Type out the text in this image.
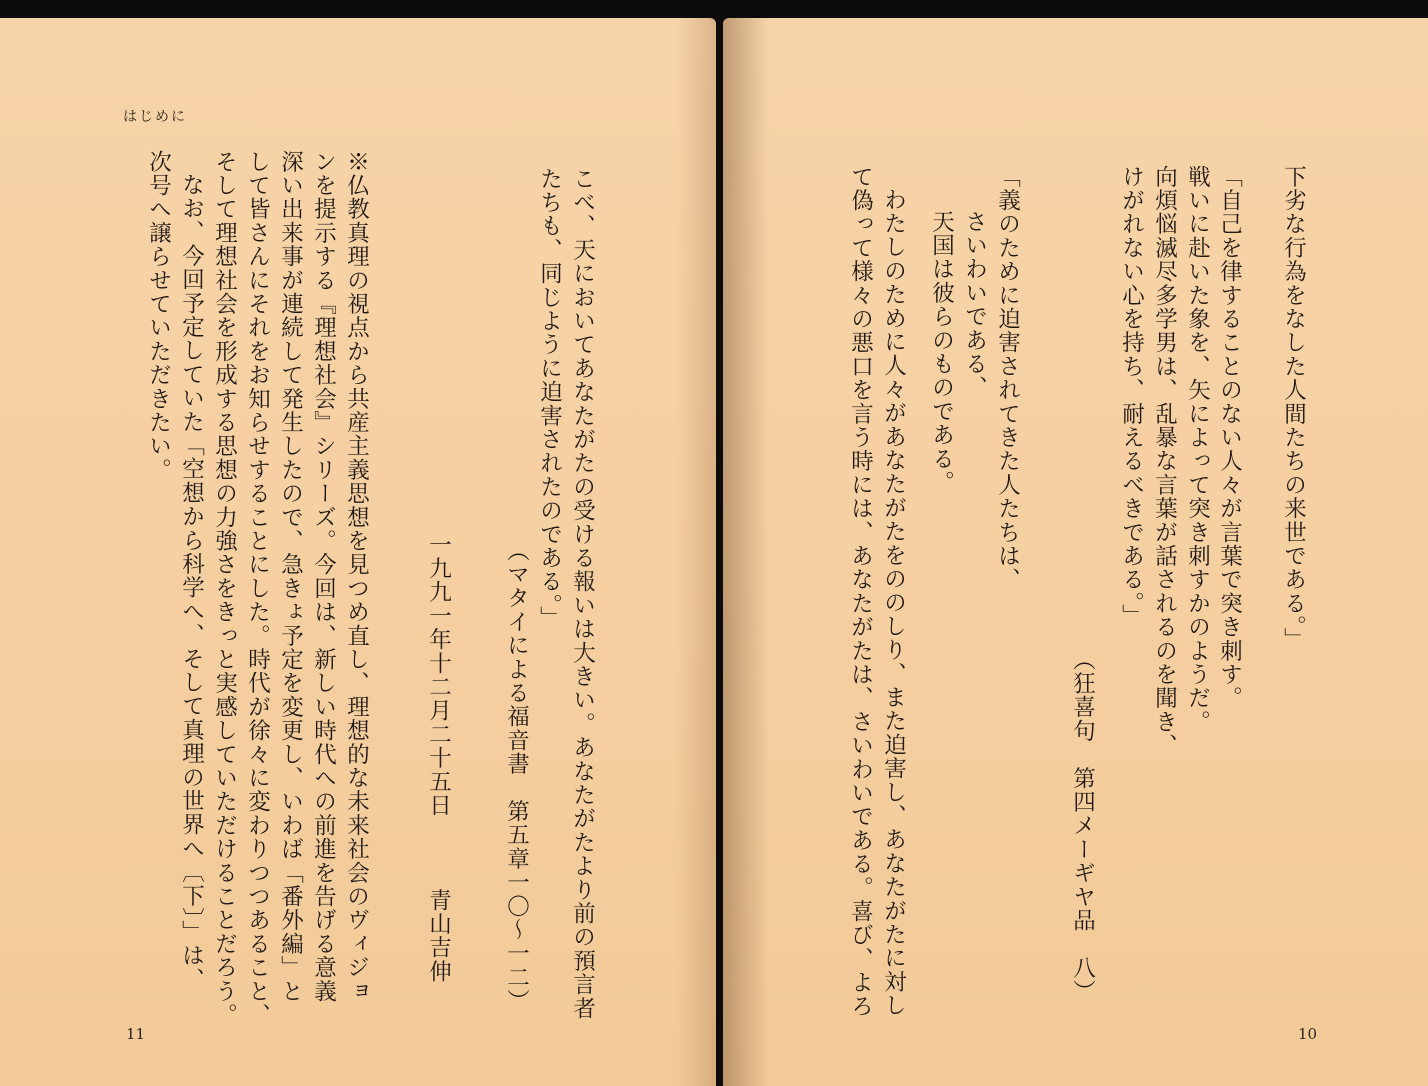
はじめに
こべ、天においてあなたがたの受ける報いは大きい。あなたがたより前の預言者
たちも、同じように迫害されたのである。」
（マタイによる福音書　第五章一〇～一二）
一九九一年十二月二十五日　　　青山吉伸
※仏教真理の視点から共産主義思想を見つめ直し、理想的な未来社会のヴィジョ
ンを提示する『理想社会』シリーズ。今回は、新しい時代への前進を告げる意義
深い出来事が連続して発生したので、急きょ予定を変更し、いわば「番外編」と
して皆さんにそれをお知らせすることにした。時代が徐々に変わりつつあること、
そして理想社会を形成する思想の力強さをきっと実感していただけることだろう。
なお、今回予定していた「空想から科学へ、そして真理の世界へ〔下〕」は、
次号へ譲らせていただきたい。
11
下劣な行為をなした人間たちの来世である。」
「自己を律することのない人々が言葉で突き刺す。
戦いに赴いた象を、矢によって突き刺すかのようだ。
向煩悩滅尽多学男は、乱暴な言葉が話されるのを聞き、
けがれない心を持ち、耐えるべきである。」
（狂喜句　第四メーギヤ品　八）
「義のために迫害されてきた人たちは、
さいわいである、
天国は彼らのものである。
わたしのために人々があなたがたをののしり、また迫害し、あなたがたに対し
て偽って様々の悪口を言う時には、あなたがたは、さいわいである。喜び、よろ
10
